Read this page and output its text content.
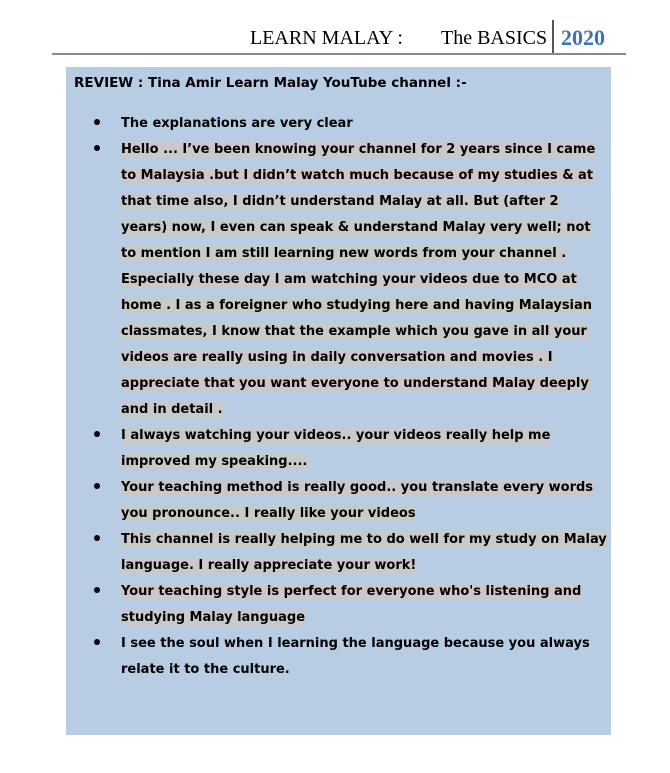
LEARN MALAY : The BASICS 2020
REVIEW : Tina Amir Learn Malay YouTube channel :-
The explanations are very clear
Hello ... I’ve been knowing your channel for 2 years since I came to Malaysia .but I didn’t watch much because of my studies & at that time also, I didn’t understand Malay at all. But (after 2 years) now, I even can speak & understand Malay very well; not to mention I am still learning new words from your channel . Especially these day I am watching your videos due to MCO at home . I as a foreigner who studying here and having Malaysian classmates, I know that the example which you gave in all your videos are really using in daily conversation and movies . I appreciate that you want everyone to understand Malay deeply and in detail .
I always watching your videos.. your videos really help me improved my speaking....
Your teaching method is really good.. you translate every words you pronounce.. I really like your videos
This channel is really helping me to do well for my study on Malay language. I really appreciate your work!
Your teaching style is perfect for everyone who's listening and studying Malay language
I see the soul when I learning the language because you always relate it to the culture.
